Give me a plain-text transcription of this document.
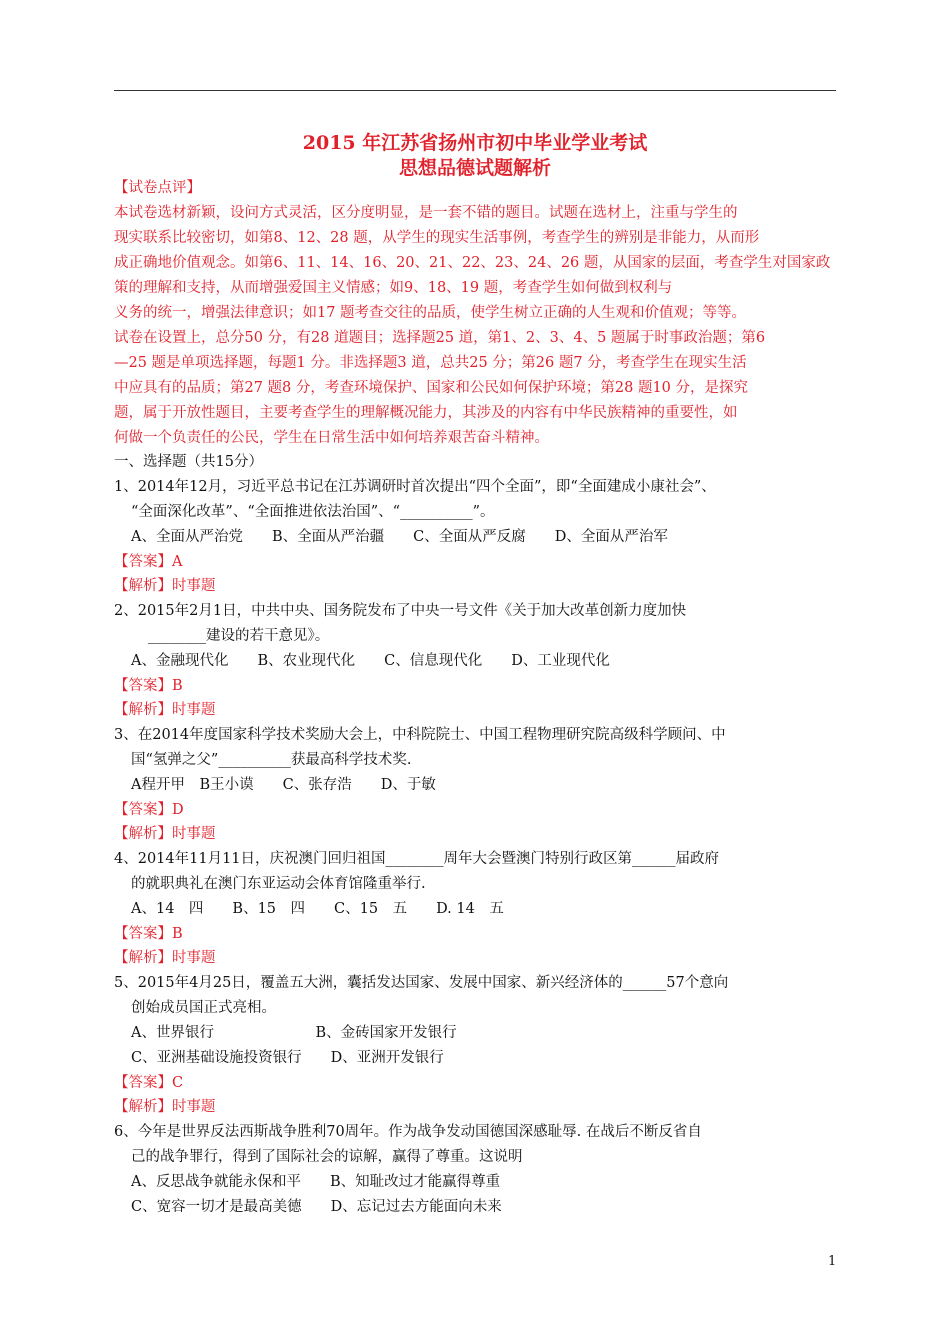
2015 年江苏省扬州市初中毕业学业考试
思想品德试题解析
【试卷点评】
本试卷选材新颖，设问方式灵活，区分度明显，是一套不错的题目。试题在选材上，注重与学生的
现实联系比较密切，如第8、12、28 题，从学生的现实生活事例，考查学生的辨别是非能力，从而形
成正确地价值观念。如第6、11、14、16、20、21、22、23、24、26 题，从国家的层面，考查学生对国家政
策的理解和支持，从而增强爱国主义情感；如9、18、19 题，考查学生如何做到权利与
义务的统一，增强法律意识；如17 题考查交往的品质，使学生树立正确的人生观和价值观；等等。
试卷在设置上，总分50 分，有28 道题目；选择题25 道，第1、2、3、4、5 题属于时事政治题；第6
—25 题是单项选择题，每题1 分。非选择题3 道，总共25 分；第26 题7 分，考查学生在现实生活
中应具有的品质；第27 题8 分，考查环境保护、国家和公民如何保护环境；第28 题10 分，是探究
题，属于开放性题目，主要考查学生的理解概况能力，其涉及的内容有中华民族精神的重要性，如
何做一个负责任的公民，学生在日常生活中如何培养艰苦奋斗精神。
一、选择题（共15分）
1、2014年12月，习近平总书记在江苏调研时首次提出“四个全面”，即“全面建成小康社会”、
“全面深化改革”、“全面推进依法治国”、“__________”。
A、全面从严治党　　B、全面从严治疆　　C、全面从严反腐　　D、全面从严治军
【答案】A
【解析】时事题
2、2015年2月1日，中共中央、国务院发布了中央一号文件《关于加大改革创新力度加快
________建设的若干意见》。
A、金融现代化　　B、农业现代化　　C、信息现代化　　D、工业现代化
【答案】B
【解析】时事题
3、在2014年度国家科学技术奖励大会上，中科院院士、中国工程物理研究院高级科学顾问、中
国“氢弹之父”__________获最高科学技术奖.
A程开甲　B王小谟　　C、张存浩　　D、于敏
【答案】D
【解析】时事题
4、2014年11月11日，庆祝澳门回归祖国________周年大会暨澳门特别行政区第______届政府
的就职典礼在澳门东亚运动会体育馆隆重举行.
A、14　四　　B、15　四　　C、15　五　　D. 14　五
【答案】B
【解析】时事题
5、2015年4月25日，覆盖五大洲，囊括发达国家、发展中国家、新兴经济体的______57个意向
创始成员国正式亮相。
A、世界银行　　　　　　　B、金砖国家开发银行
C、亚洲基础设施投资银行　　D、亚洲开发银行
【答案】C
【解析】时事题
6、今年是世界反法西斯战争胜利70周年。作为战争发动国德国深感耻辱. 在战后不断反省自
己的战争罪行，得到了国际社会的谅解，赢得了尊重。这说明
A、反思战争就能永保和平　　B、知耻改过才能赢得尊重
C、宽容一切才是最高美德　　D、忘记过去方能面向未来
1
